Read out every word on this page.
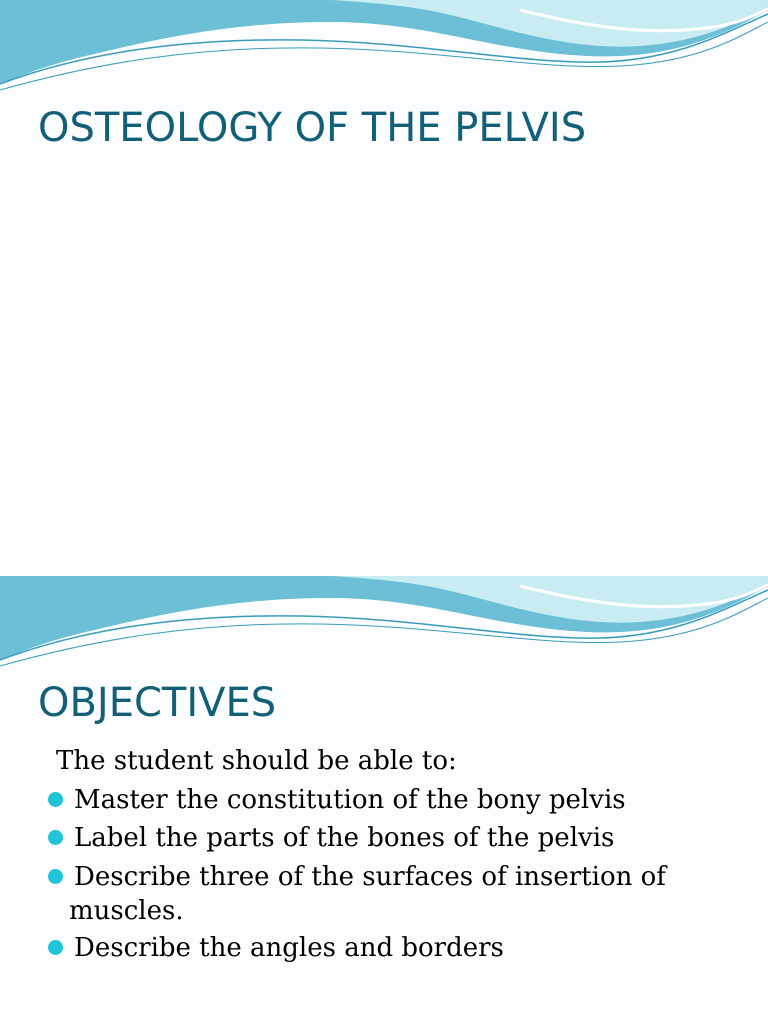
OSTEOLOGY OF THE PELVIS
OBJECTIVES

The student should be able to:

Master the constitution of the bony pelvis
Label the parts of the bones of the pelvis
Describe three of the surfaces of insertion of
muscles.
Describe the angles and borders
